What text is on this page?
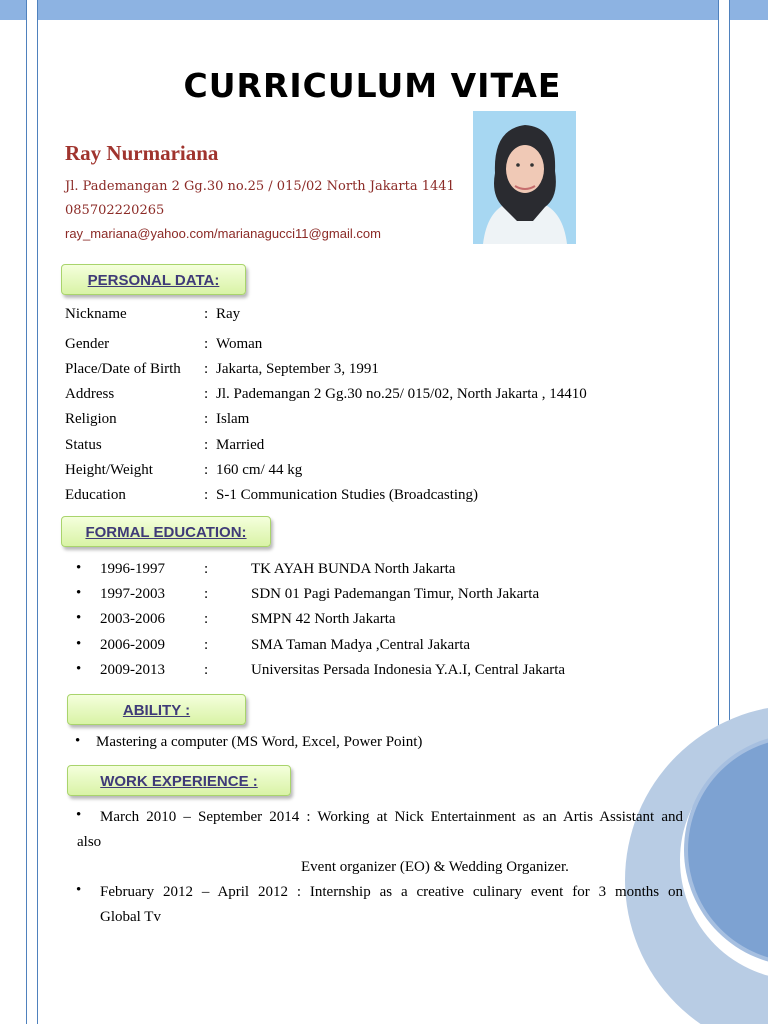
CURRICULUM VITAE
Ray Nurmariana
Jl. Pademangan 2 Gg.30 no.25 / 015/02 North Jakarta 1441
085702220265
ray_mariana@yahoo.com/marianagucci11@gmail.com
PERSONAL DATA:
Nickname	: Ray
Gender	: Woman
Place/Date of Birth : Jakarta, September 3, 1991
Address	: Jl. Pademangan 2 Gg.30 no.25/ 015/02, North Jakarta , 14410
Religion	: Islam
Status	: Married
Height/Weight	: 160 cm/ 44 kg
Education	: S-1 Communication Studies (Broadcasting)
FORMAL EDUCATION:
• 1996-1997	:	TK AYAH BUNDA North Jakarta
• 1997-2003	:	SDN 01 Pagi Pademangan Timur, North Jakarta
• 2003-2006	:	SMPN 42 North Jakarta
• 2006-2009	:	SMA Taman Madya ,Central Jakarta
• 2009-2013	:	Universitas Persada Indonesia Y.A.I, Central Jakarta
ABILITY :
• Mastering a computer (MS Word, Excel, Power Point)
WORK EXPERIENCE :
• March 2010 – September 2014 : Working at Nick Entertainment as an Artis Assistant and
also
Event organizer (EO) & Wedding Organizer.
• February 2012 – April 2012 : Internship as a creative culinary event for 3 months on
Global Tv
